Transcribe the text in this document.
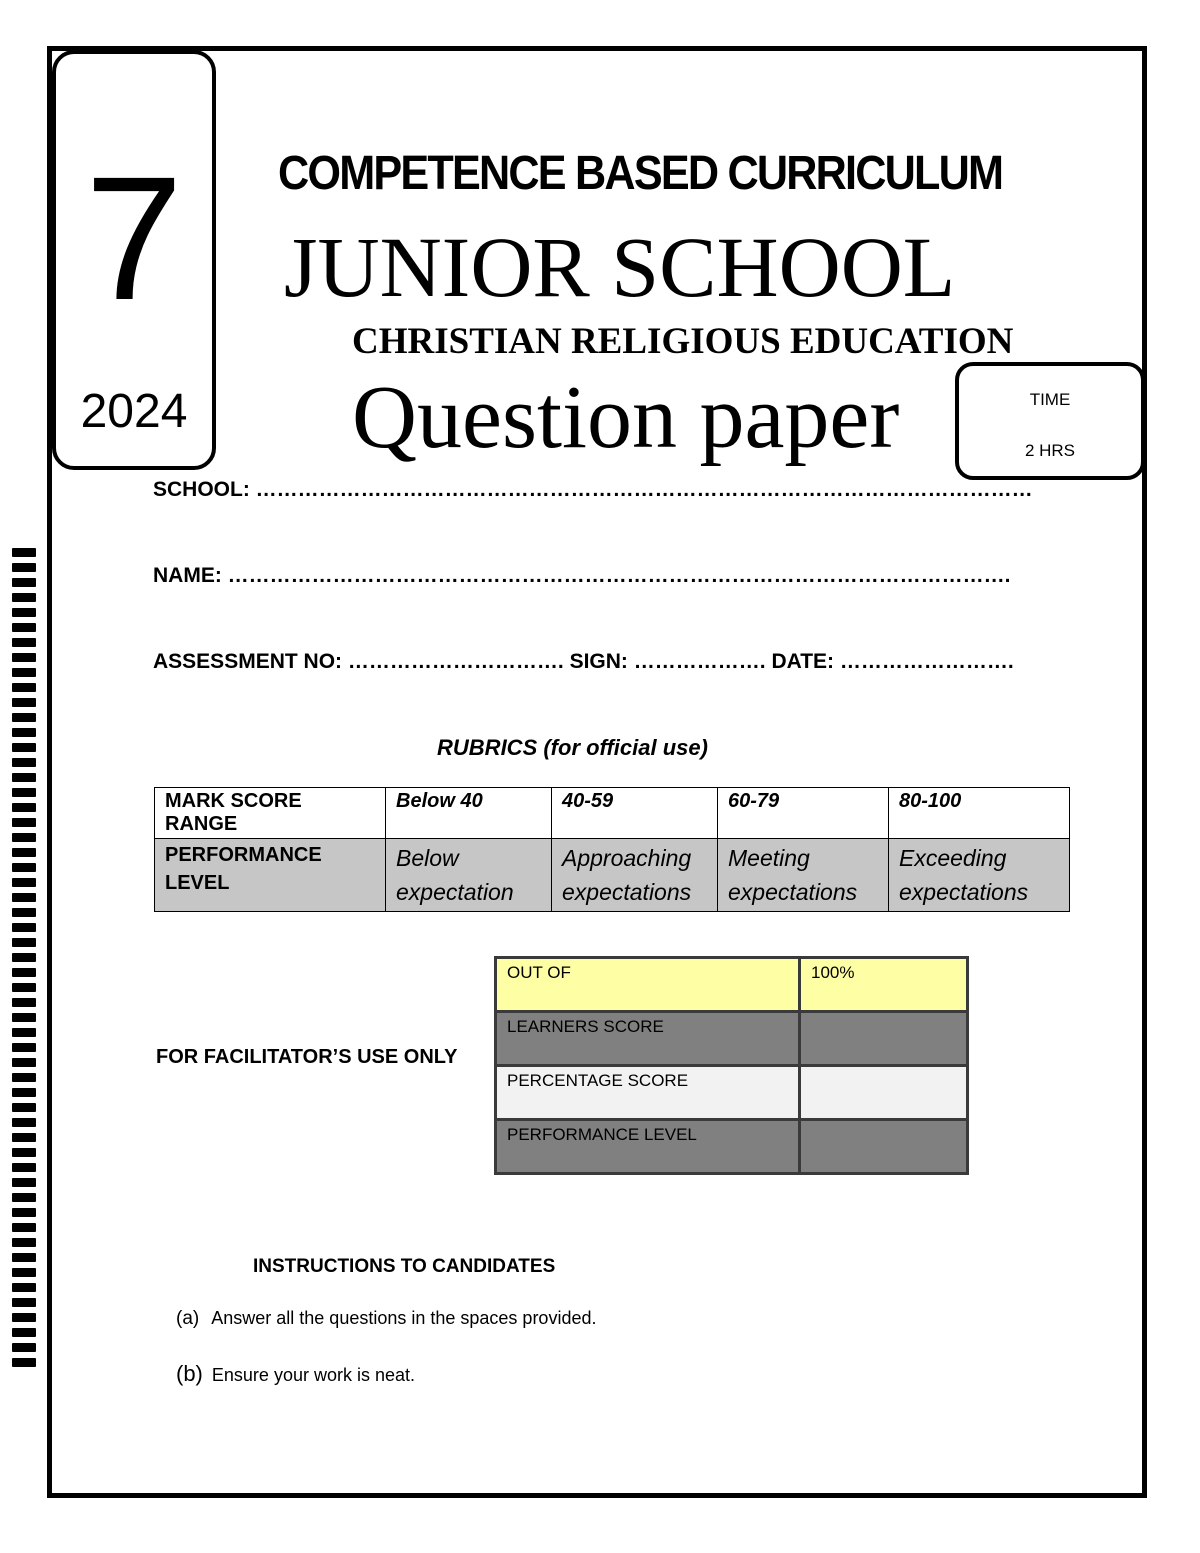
7
2024
COMPETENCE BASED CURRICULUM
JUNIOR SCHOOL
CHRISTIAN RELIGIOUS EDUCATION
Question paper	TIME
2 HRS
SCHOOL: …………………………………………………………………………………………………
NAME: ………………………………………………………………………………………………….
ASSESSMENT NO: …………………………. SIGN: ………………. DATE: …………………….
RUBRICS (for official use)
MARK SCORE RANGE	Below 40	40-59	60-79	80-100
PERFORMANCE LEVEL	Below expectation	Approaching expectations	Meeting expectations	Exceeding expectations
FOR FACILITATOR’S USE ONLY
OUT OF	100%
LEARNERS SCORE	
PERCENTAGE SCORE	
PERFORMANCE LEVEL	
INSTRUCTIONS TO CANDIDATES
(a) Answer all the questions in the spaces provided.
(b) Ensure your work is neat.
